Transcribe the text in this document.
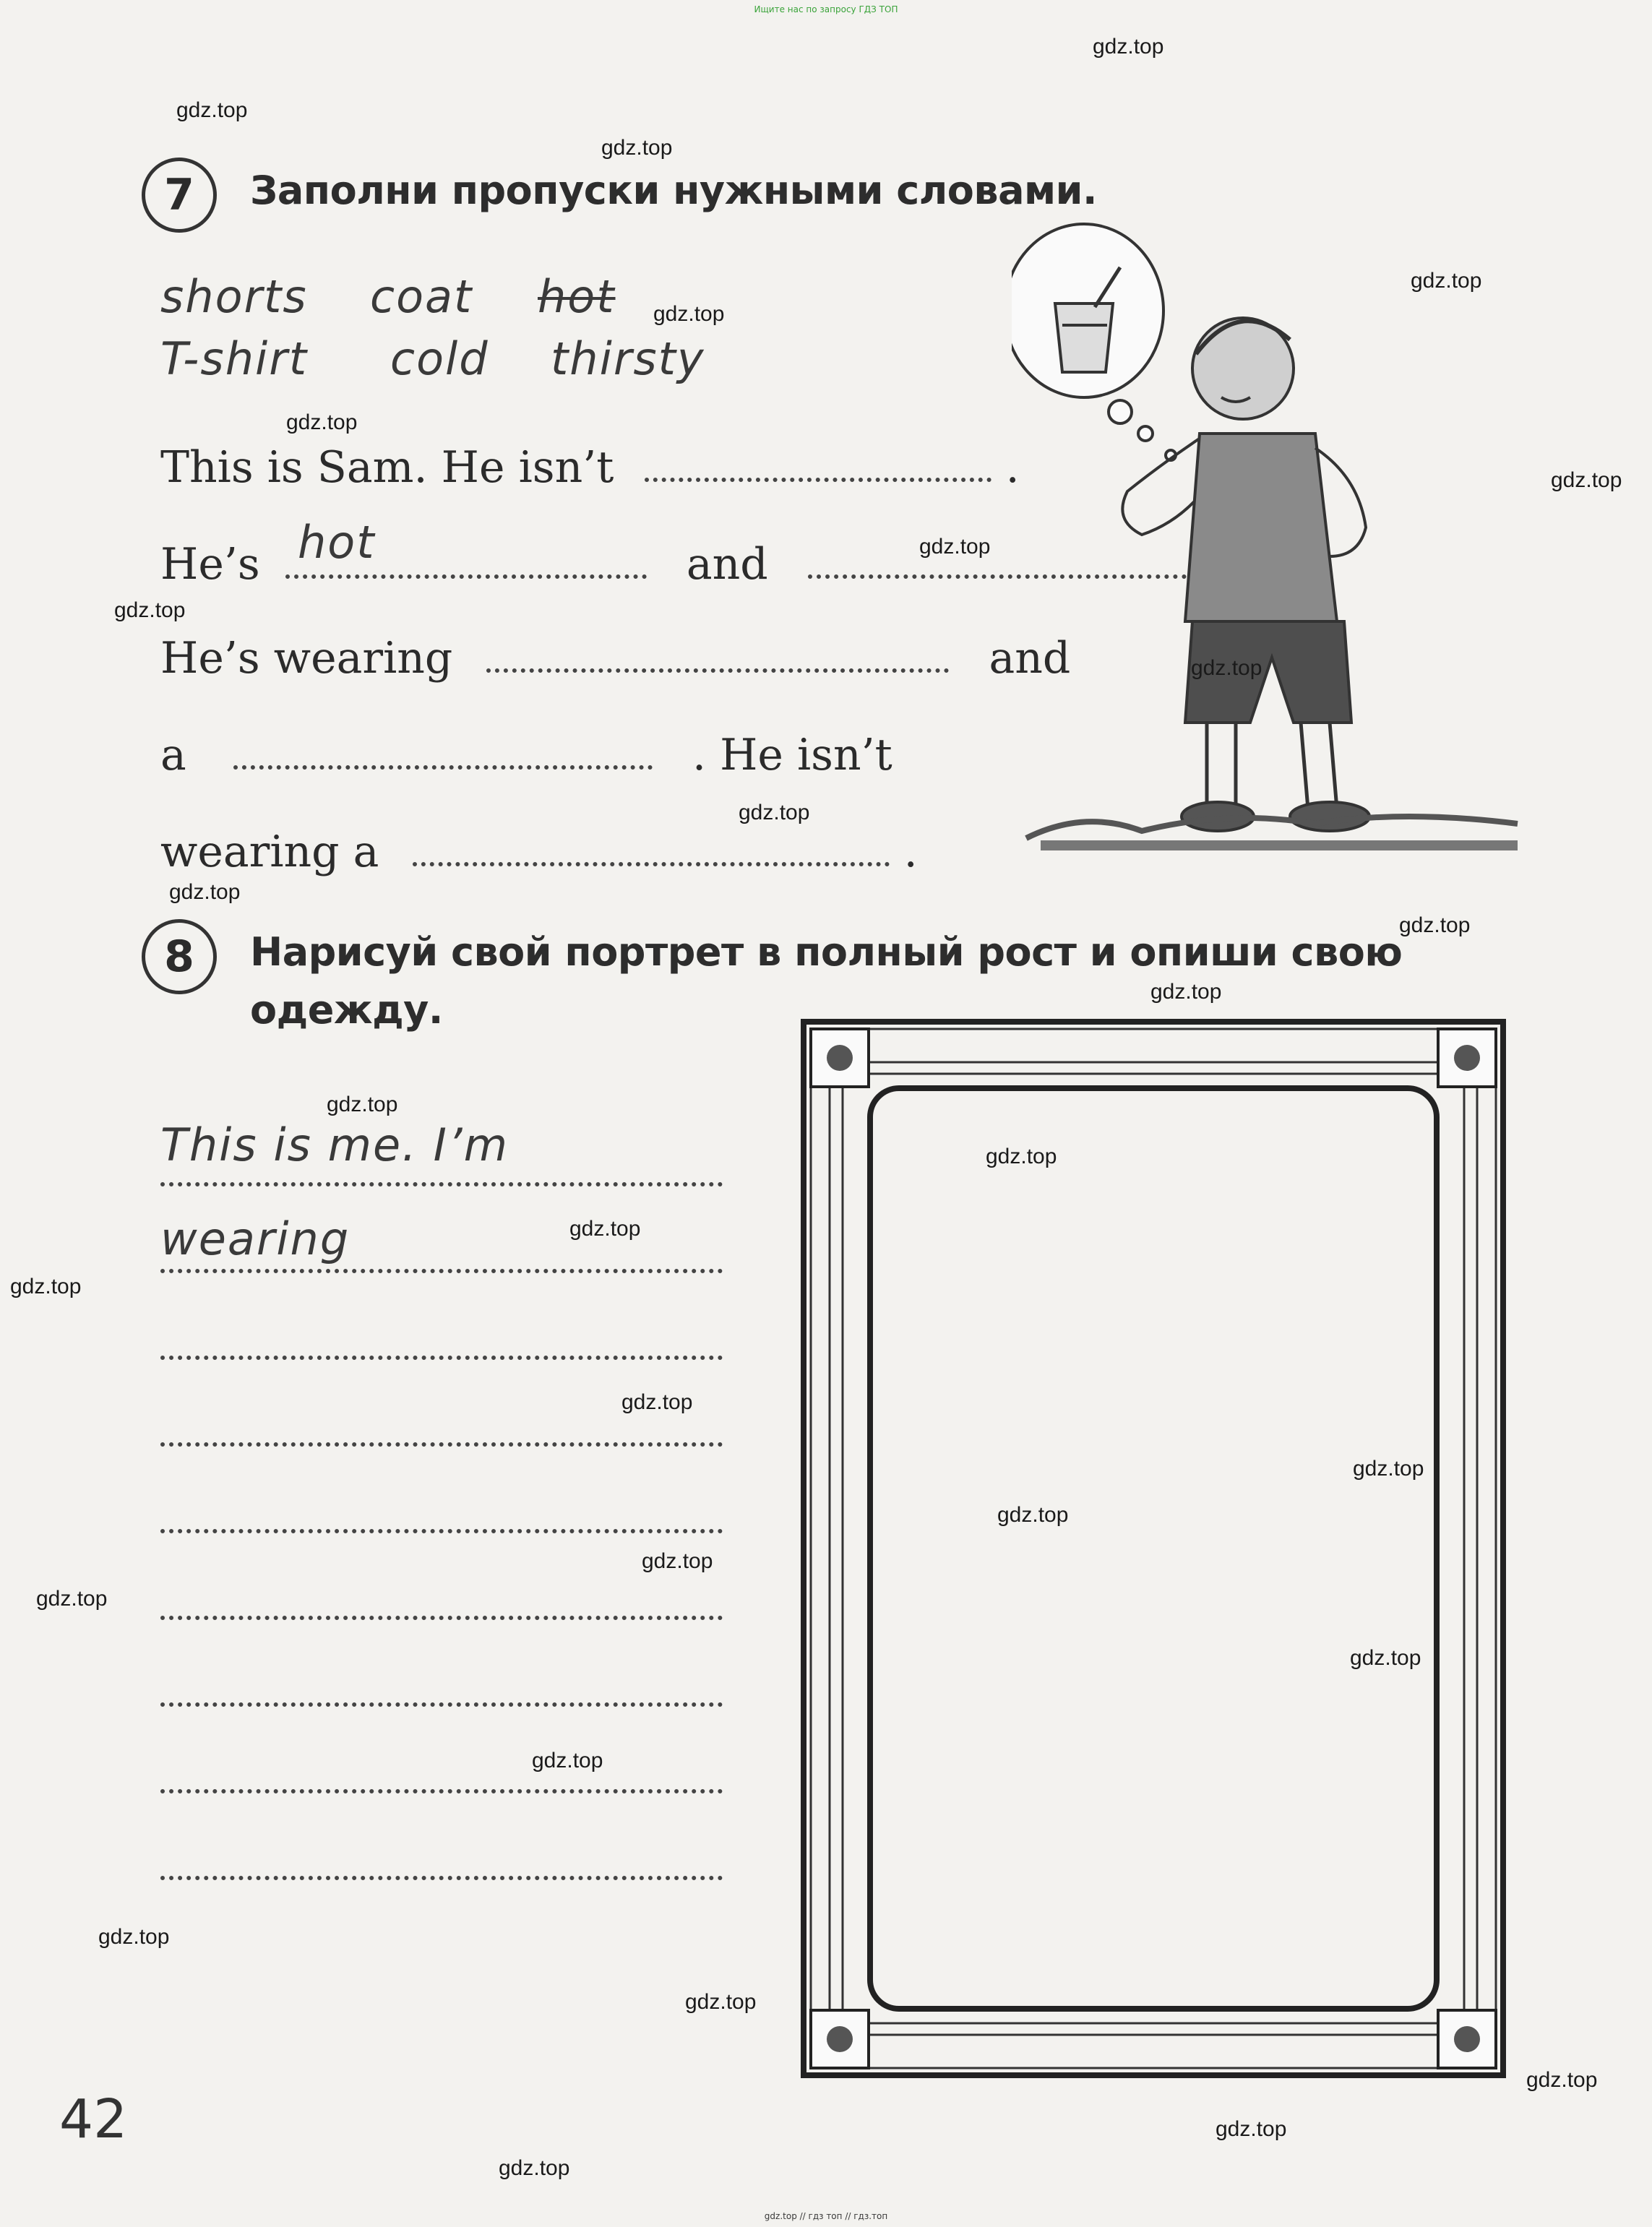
Ищите нас по запросу ГДЗ ТОП
gdz.top // гдз топ // гдз.топ
7	Заполни пропуски нужными словами.
shorts coat hot
T-shirt cold thirsty
This is Sam. He isn’t	.
He’s	and
hot
He’s wearing	and
a	. He isn’t
wearing a	.
8	Нарисуй свой портрет в полный рост и опиши свою
одежду.
This is me. I’m
wearing
42
gdz.top
gdz.top
gdz.top
gdz.top
gdz.top
gdz.top
gdz.top
gdz.top
gdz.top
gdz.top
gdz.top
gdz.top
gdz.top
gdz.top
gdz.top
gdz.top
gdz.top
gdz.top
gdz.top
gdz.top
gdz.top
gdz.top
gdz.top
gdz.top
gdz.top
gdz.top
gdz.top
gdz.top
gdz.top
gdz.top
